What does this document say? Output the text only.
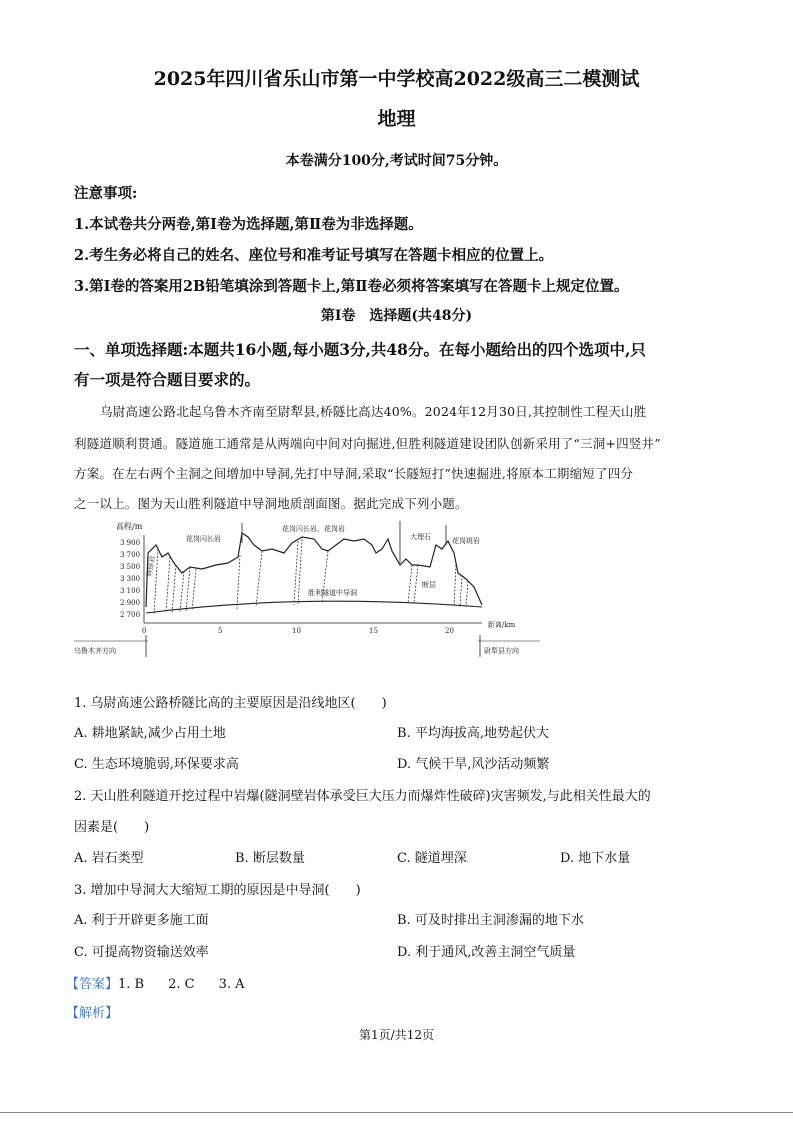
2025年四川省乐山市第一中学校高2022级高三二模测试
地理
本卷满分100分,考试时间75分钟。
注意事项:
1.本试卷共分两卷,第Ⅰ卷为选择题,第Ⅱ卷为非选择题。
2.考生务必将自己的姓名、座位号和准考证号填写在答题卡相应的位置上。
3.第Ⅰ卷的答案用2B铅笔填涂到答题卡上,第Ⅱ卷必须将答案填写在答题卡上规定位置。
第Ⅰ卷　选择题(共48分)
一、单项选择题:本题共16小题,每小题3分,共48分。在每小题给出的四个选项中,只
有一项是符合题目要求的。
乌尉高速公路北起乌鲁木齐南至尉犁县,桥隧比高达40%。2024年12月30日,其控制性工程天山胜
利隧道顺利贯通。隧道施工通常是从两端向中间对向掘进,但胜利隧道建设团队创新采用了“三洞+四竖井”
方案。在左右两个主洞之间增加中导洞,先打中导洞,采取“长隧短打”快速掘进,将原本工期缩短了四分
之一以上。图为天山胜利隧道中导洞地质剖面图。据此完成下列小题。
高程/m
3 900
3 700
3 500
3 300
3 100
2 900
2 700
0	5	10	15	20
距离/km
花岗闪长岩
花岗闪长岩、花岗岩
大理石	花岗斑岩
辉绿岩
断层
胜利隧道中导洞
乌鲁木齐方向	尉犁县方向
1. 乌尉高速公路桥隧比高的主要原因是沿线地区(　　)
A. 耕地紧缺,减少占用土地	B. 平均海拔高,地势起伏大
C. 生态环境脆弱,环保要求高	D. 气候干旱,风沙活动频繁
2. 天山胜利隧道开挖过程中岩爆(隧洞壁岩体承受巨大压力而爆炸性破碎)灾害频发,与此相关性最大的
因素是(　　)
A. 岩石类型	B. 断层数量	C. 隧道埋深	D. 地下水量
3. 增加中导洞大大缩短工期的原因是中导洞(　　)
A. 利于开辟更多施工面	B. 可及时排出主洞渗漏的地下水
C. 可提高物资输送效率	D. 利于通风,改善主洞空气质量
【答案】1. B 2. C 3. A
【解析】
第1页/共12页
